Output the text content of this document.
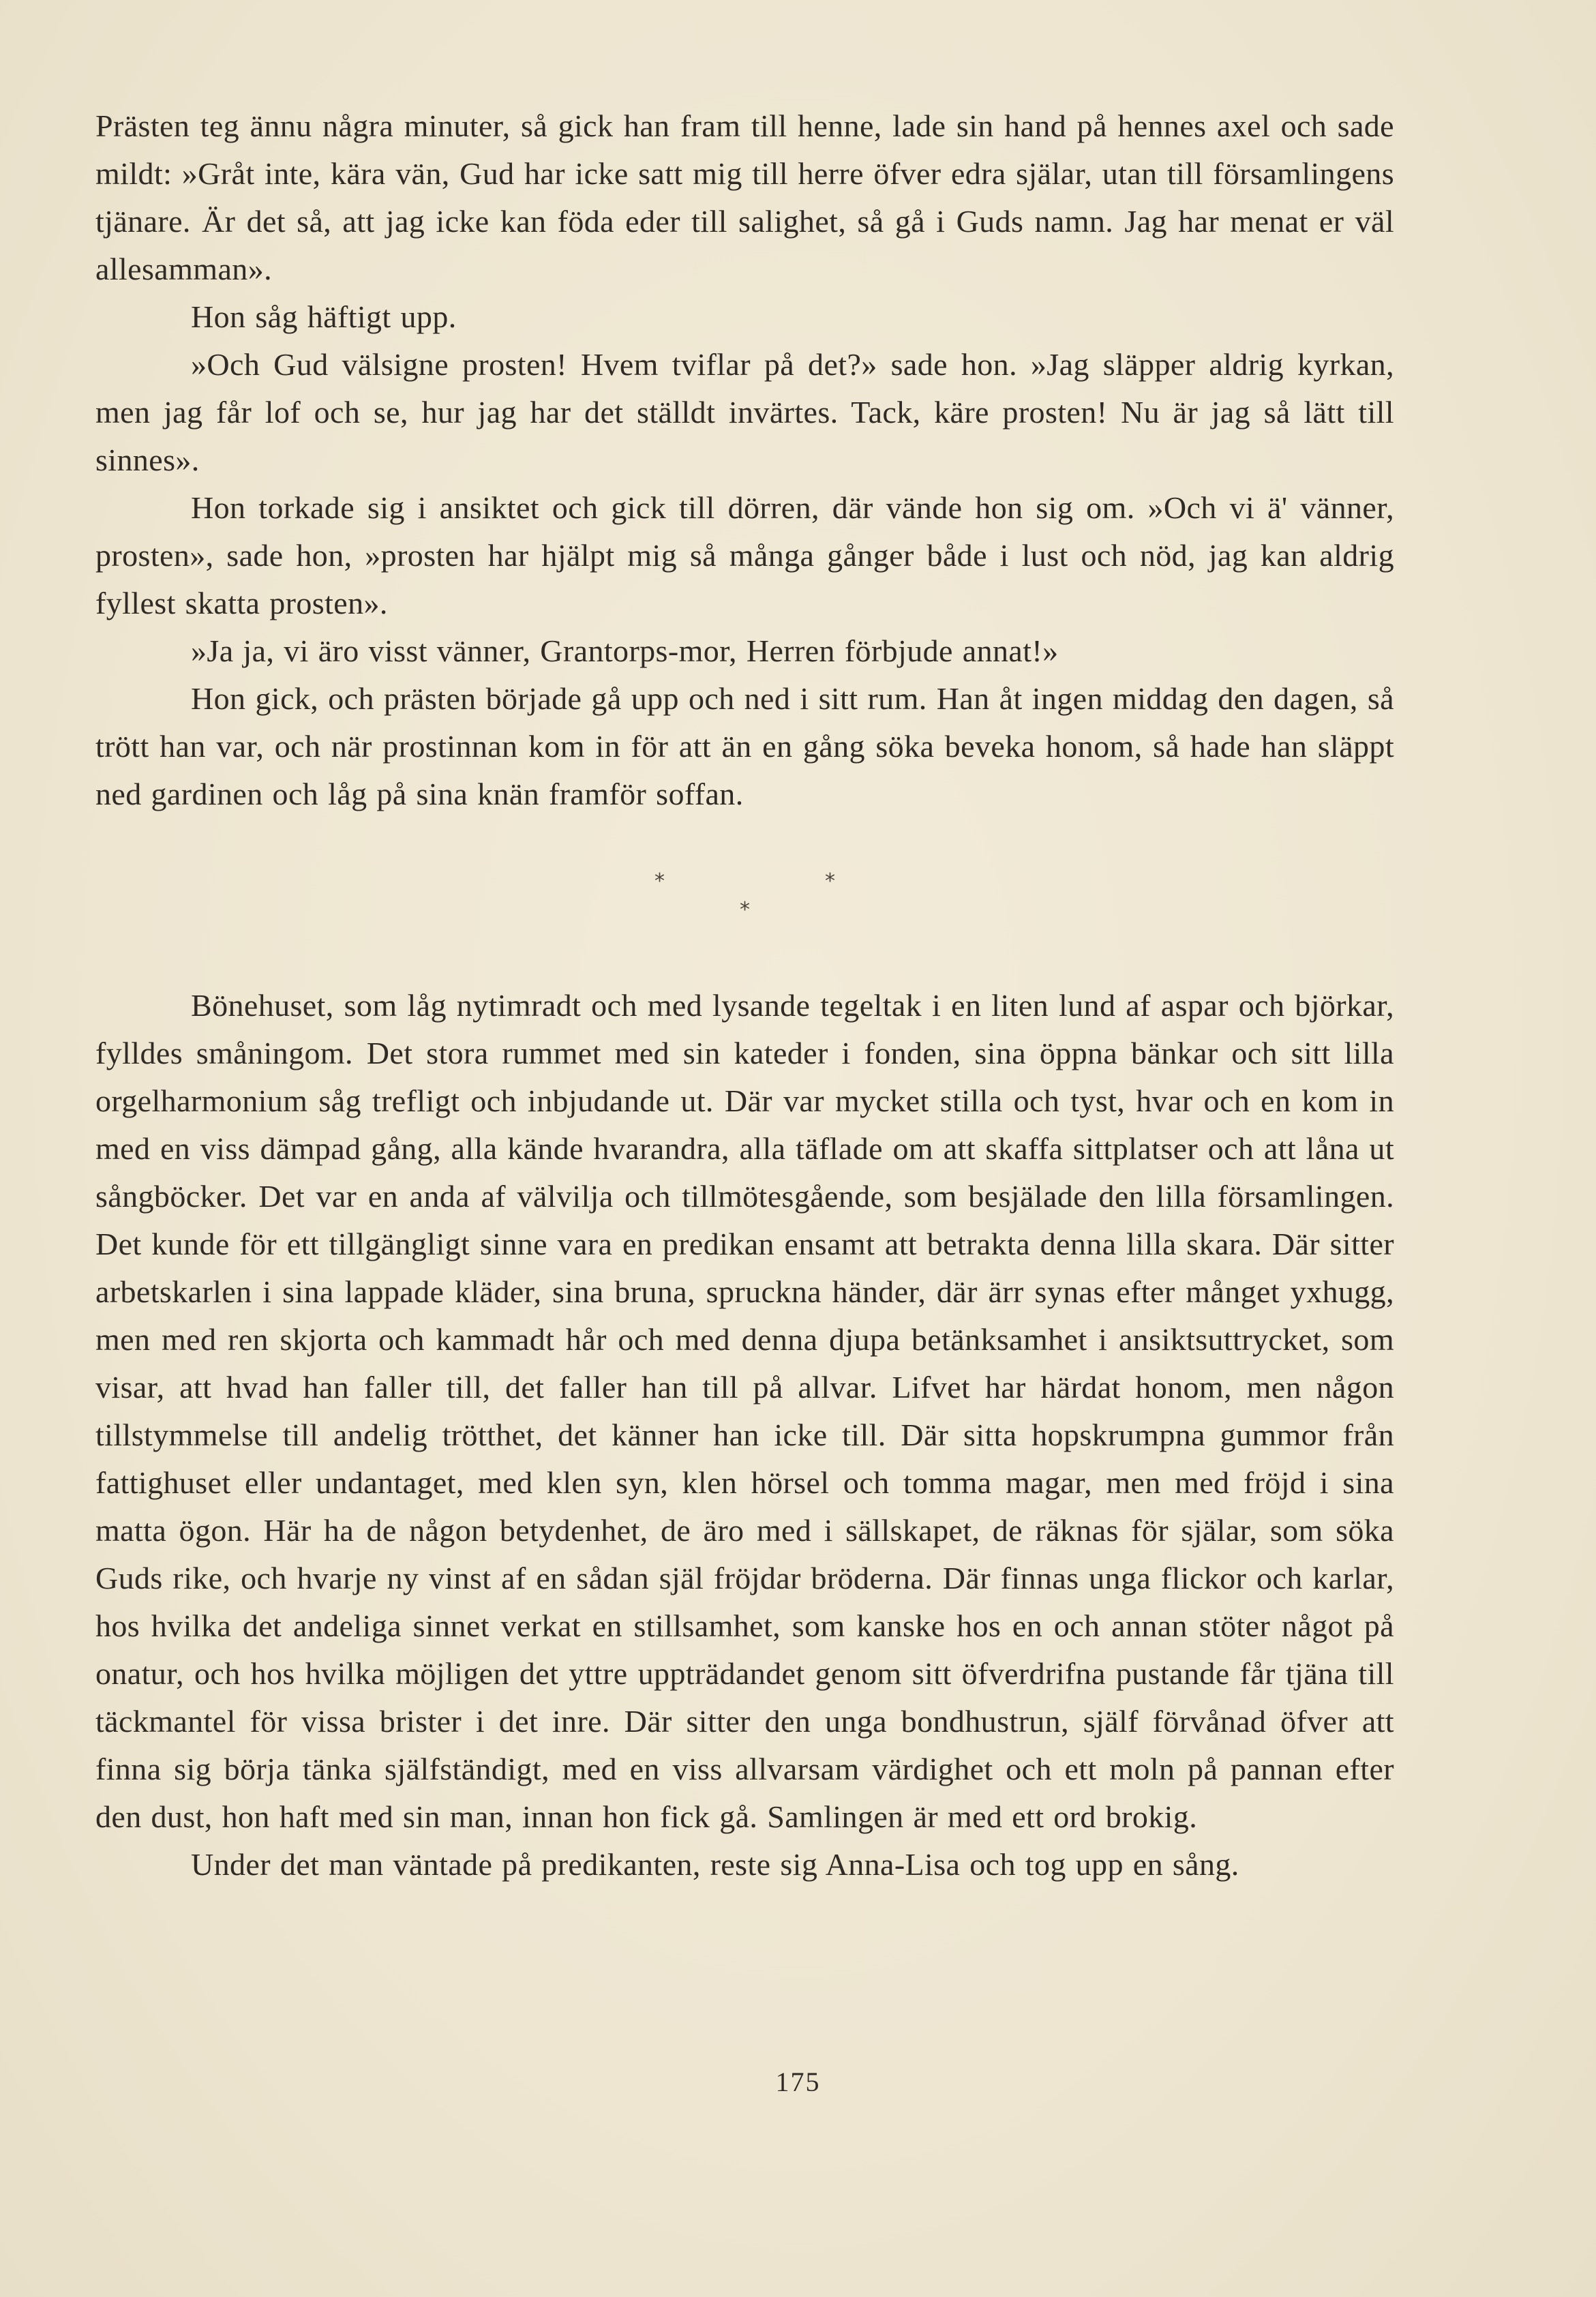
Prästen teg ännu några minuter, så gick han fram till henne, lade sin hand på hennes axel och sade mildt: »Gråt inte, kära vän, Gud har icke satt mig till herre öfver edra själar, utan till församlingens tjänare. Är det så, att jag icke kan föda eder till salighet, så gå i Guds namn. Jag har menat er väl allesamman».

Hon såg häftigt upp.

»Och Gud välsigne prosten! Hvem tviflar på det?» sade hon. »Jag släpper aldrig kyrkan, men jag får lof och se, hur jag har det ställdt invärtes. Tack, käre prosten! Nu är jag så lätt till sinnes».

Hon torkade sig i ansiktet och gick till dörren, där vände hon sig om. »Och vi ä' vänner, prosten», sade hon, »prosten har hjälpt mig så många gånger både i lust och nöd, jag kan aldrig fyllest skatta prosten».

»Ja ja, vi äro visst vänner, Grantorps-mor, Herren förbjude annat!»

Hon gick, och prästen började gå upp och ned i sitt rum. Han åt ingen middag den dagen, så trött han var, och när prostinnan kom in för att än en gång söka beveka honom, så hade han släppt ned gardinen och låg på sina knän framför soffan.

*	*
*

Bönehuset, som låg nytimradt och med lysande tegeltak i en liten lund af aspar och björkar, fylldes småningom. Det stora rummet med sin kateder i fonden, sina öppna bänkar och sitt lilla orgelharmonium såg trefligt och inbjudande ut. Där var mycket stilla och tyst, hvar och en kom in med en viss dämpad gång, alla kände hvarandra, alla täflade om att skaffa sittplatser och att låna ut sångböcker. Det var en anda af välvilja och tillmötesgående, som besjälade den lilla församlingen. Det kunde för ett tillgängligt sinne vara en predikan ensamt att betrakta denna lilla skara. Där sitter arbetskarlen i sina lappade kläder, sina bruna, spruckna händer, där ärr synas efter månget yxhugg, men med ren skjorta och kammadt hår och med denna djupa betänksamhet i ansiktsuttrycket, som visar, att hvad han faller till, det faller han till på allvar. Lifvet har härdat honom, men någon tillstymmelse till andelig trötthet, det känner han icke till. Där sitta hopskrumpna gummor från fattighuset eller undantaget, med klen syn, klen hörsel och tomma magar, men med fröjd i sina matta ögon. Här ha de någon betydenhet, de äro med i sällskapet, de räknas för själar, som söka Guds rike, och hvarje ny vinst af en sådan själ fröjdar bröderna. Där finnas unga flickor och karlar, hos hvilka det andeliga sinnet verkat en stillsamhet, som kanske hos en och annan stöter något på onatur, och hos hvilka möjligen det yttre uppträdandet genom sitt öfverdrifna pustande får tjäna till täckmantel för vissa brister i det inre. Där sitter den unga bondhustrun, själf förvånad öfver att finna sig börja tänka själfständigt, med en viss allvarsam värdighet och ett moln på pannan efter den dust, hon haft med sin man, innan hon fick gå. Samlingen är med ett ord brokig.

Under det man väntade på predikanten, reste sig Anna-Lisa och tog upp en sång.

175
